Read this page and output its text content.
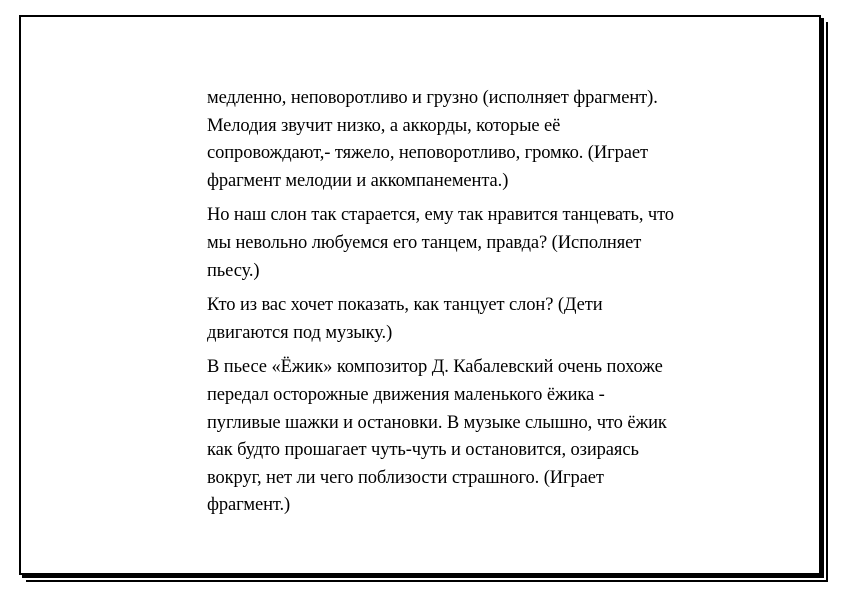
медленно, неповоротливо и грузно (исполняет фрагмент).
Мелодия звучит низко, а аккорды, которые её
сопровождают,- тяжело, неповоротливо, громко. (Играет
фрагмент мелодии и аккомпанемента.)

Но наш слон так старается, ему так нравится танцевать, что
мы невольно любуемся его танцем, правда? (Исполняет
пьесу.)

Кто из вас хочет показать, как танцует слон? (Дети
двигаются под музыку.)

В пьесе «Ёжик» композитор Д. Кабалевский очень похоже
передал осторожные движения маленького ёжика -
пугливые шажки и остановки. В музыке слышно, что ёжик
как будто прошагает чуть-чуть и остановится, озираясь
вокруг, нет ли чего поблизости страшного. (Играет
фрагмент.)
